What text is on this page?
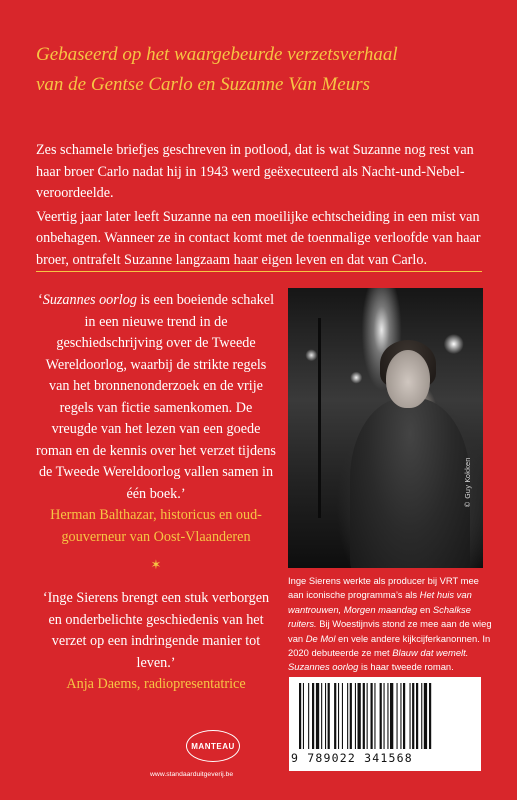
Gebaseerd op het waargebeurde verzetsverhaal
van de Gentse Carlo en Suzanne Van Meurs

Zes schamele briefjes geschreven in potlood, dat is wat Suzanne nog rest van haar broer Carlo nadat hij in 1943 werd geëxecuteerd als Nacht-und-Nebel-veroordeelde.

Veertig jaar later leeft Suzanne na een moeilijke echtscheiding in een mist van onbehagen. Wanneer ze in contact komt met de toenmalige verloofde van haar broer, ontrafelt Suzanne langzaam haar eigen leven en dat van Carlo.

‘Suzannes oorlog is een boeiende schakel in een nieuwe trend in de geschiedschrijving over de Tweede Wereldoorlog, waarbij de strikte regels van het bronnenonderzoek en de vrije regels van fictie samenkomen. De vreugde van het lezen van een goede roman en de kennis over het verzet tijdens de Tweede Wereldoorlog vallen samen in één boek.’
Herman Balthazar, historicus en oud-gouverneur van Oost-Vlaanderen
✶
‘Inge Sierens brengt een stuk verborgen en onderbelichte geschiedenis van het verzet op een indringende manier tot leven.’
Anja Daems, radiopresentatrice
© Guy Kokken
Inge Sierens werkte als producer bij VRT mee aan iconische programma’s als Het huis van wantrouwen, Morgen maandag en Schalkse ruiters. Bij Woestijnvis stond ze mee aan de wieg van De Mol en vele andere kijkcijferkanonnen. In 2020 debuteerde ze met Blauw dat wemelt. Suzannes oorlog is haar tweede roman.
MANTEAU
www.standaarduitgeverij.be
9 789022 341568
